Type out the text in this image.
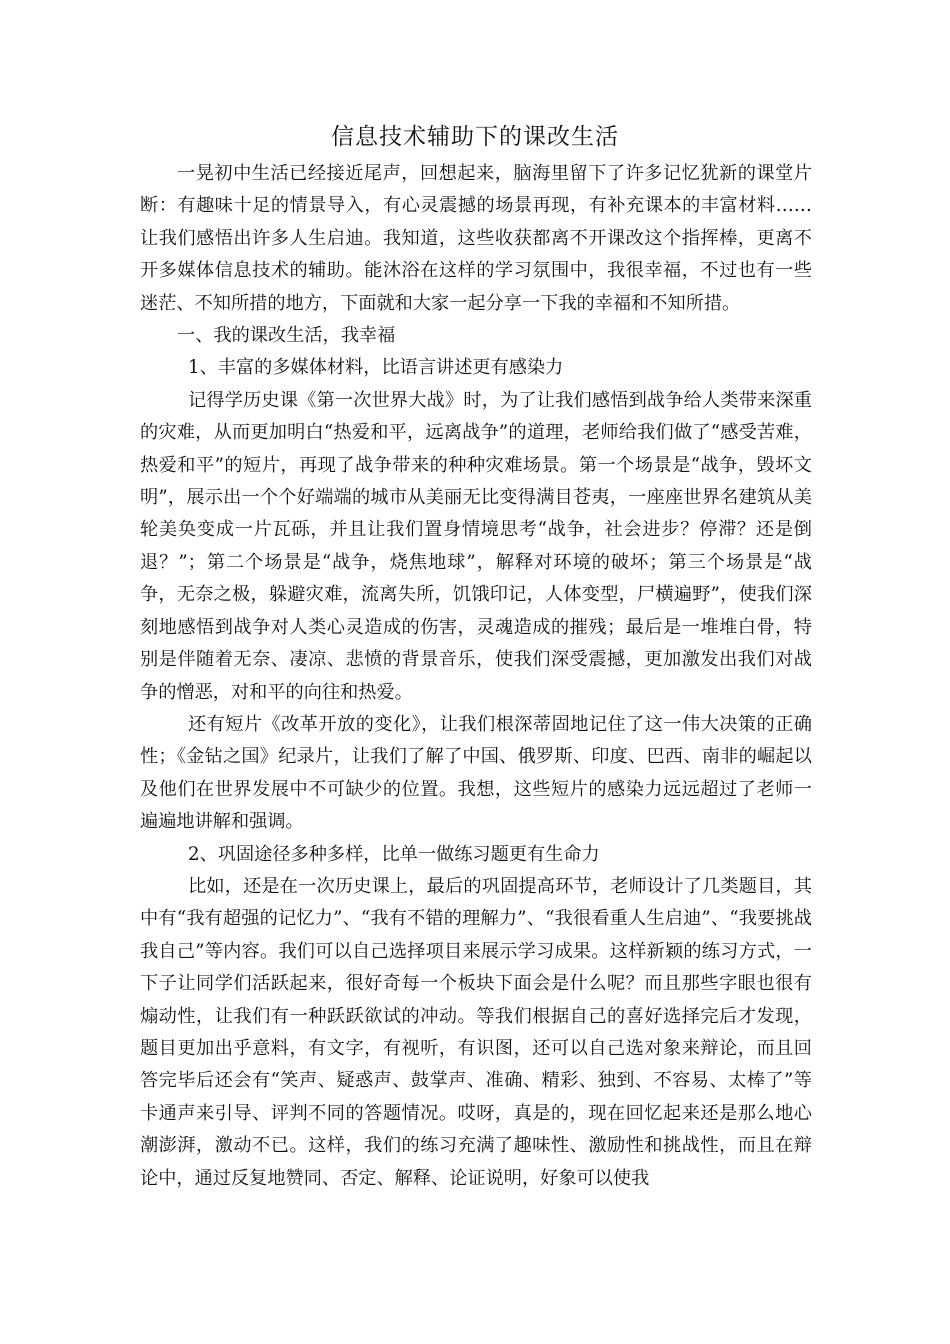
信息技术辅助下的课改生活

一晃初中生活已经接近尾声，回想起来，脑海里留下了许多记忆犹新的课堂片断：有趣味十足的情景导入，有心灵震撼的场景再现，有补充课本的丰富材料……让我们感悟出许多人生启迪。我知道，这些收获都离不开课改这个指挥棒，更离不开多媒体信息技术的辅助。能沐浴在这样的学习氛围中，我很幸福，不过也有一些迷茫、不知所措的地方，下面就和大家一起分享一下我的幸福和不知所措。

一、我的课改生活，我幸福

1、丰富的多媒体材料，比语言讲述更有感染力

记得学历史课《第一次世界大战》时，为了让我们感悟到战争给人类带来深重的灾难，从而更加明白“热爱和平，远离战争”的道理，老师给我们做了“感受苦难，热爱和平”的短片，再现了战争带来的种种灾难场景。第一个场景是“战争，毁坏文明”，展示出一个个好端端的城市从美丽无比变得满目苍夷，一座座世界名建筑从美轮美奂变成一片瓦砾，并且让我们置身情境思考“战争，社会进步？停滞？还是倒退？”；第二个场景是“战争，烧焦地球”，解释对环境的破坏；第三个场景是“战争，无奈之极，躲避灾难，流离失所，饥饿印记，人体变型，尸横遍野”，使我们深刻地感悟到战争对人类心灵造成的伤害，灵魂造成的摧残；最后是一堆堆白骨，特别是伴随着无奈、凄凉、悲愤的背景音乐，使我们深受震撼，更加激发出我们对战争的憎恶，对和平的向往和热爱。

还有短片《改革开放的变化》，让我们根深蒂固地记住了这一伟大决策的正确性；《金钻之国》纪录片，让我们了解了中国、俄罗斯、印度、巴西、南非的崛起以及他们在世界发展中不可缺少的位置。我想，这些短片的感染力远远超过了老师一遍遍地讲解和强调。

2、巩固途径多种多样，比单一做练习题更有生命力

比如，还是在一次历史课上，最后的巩固提高环节，老师设计了几类题目，其中有“我有超强的记忆力”、“我有不错的理解力”、“我很看重人生启迪”、“我要挑战我自己”等内容。我们可以自己选择项目来展示学习成果。这样新颖的练习方式，一下子让同学们活跃起来，很好奇每一个板块下面会是什么呢？而且那些字眼也很有煽动性，让我们有一种跃跃欲试的冲动。等我们根据自己的喜好选择完后才发现，题目更加出乎意料，有文字，有视听，有识图，还可以自己选对象来辩论，而且回答完毕后还会有“笑声、疑惑声、鼓掌声、准确、精彩、独到、不容易、太棒了”等卡通声来引导、评判不同的答题情况。哎呀，真是的，现在回忆起来还是那么地心潮澎湃，激动不已。这样，我们的练习充满了趣味性、激励性和挑战性，而且在辩论中，通过反复地赞同、否定、解释、论证说明，好象可以使我
